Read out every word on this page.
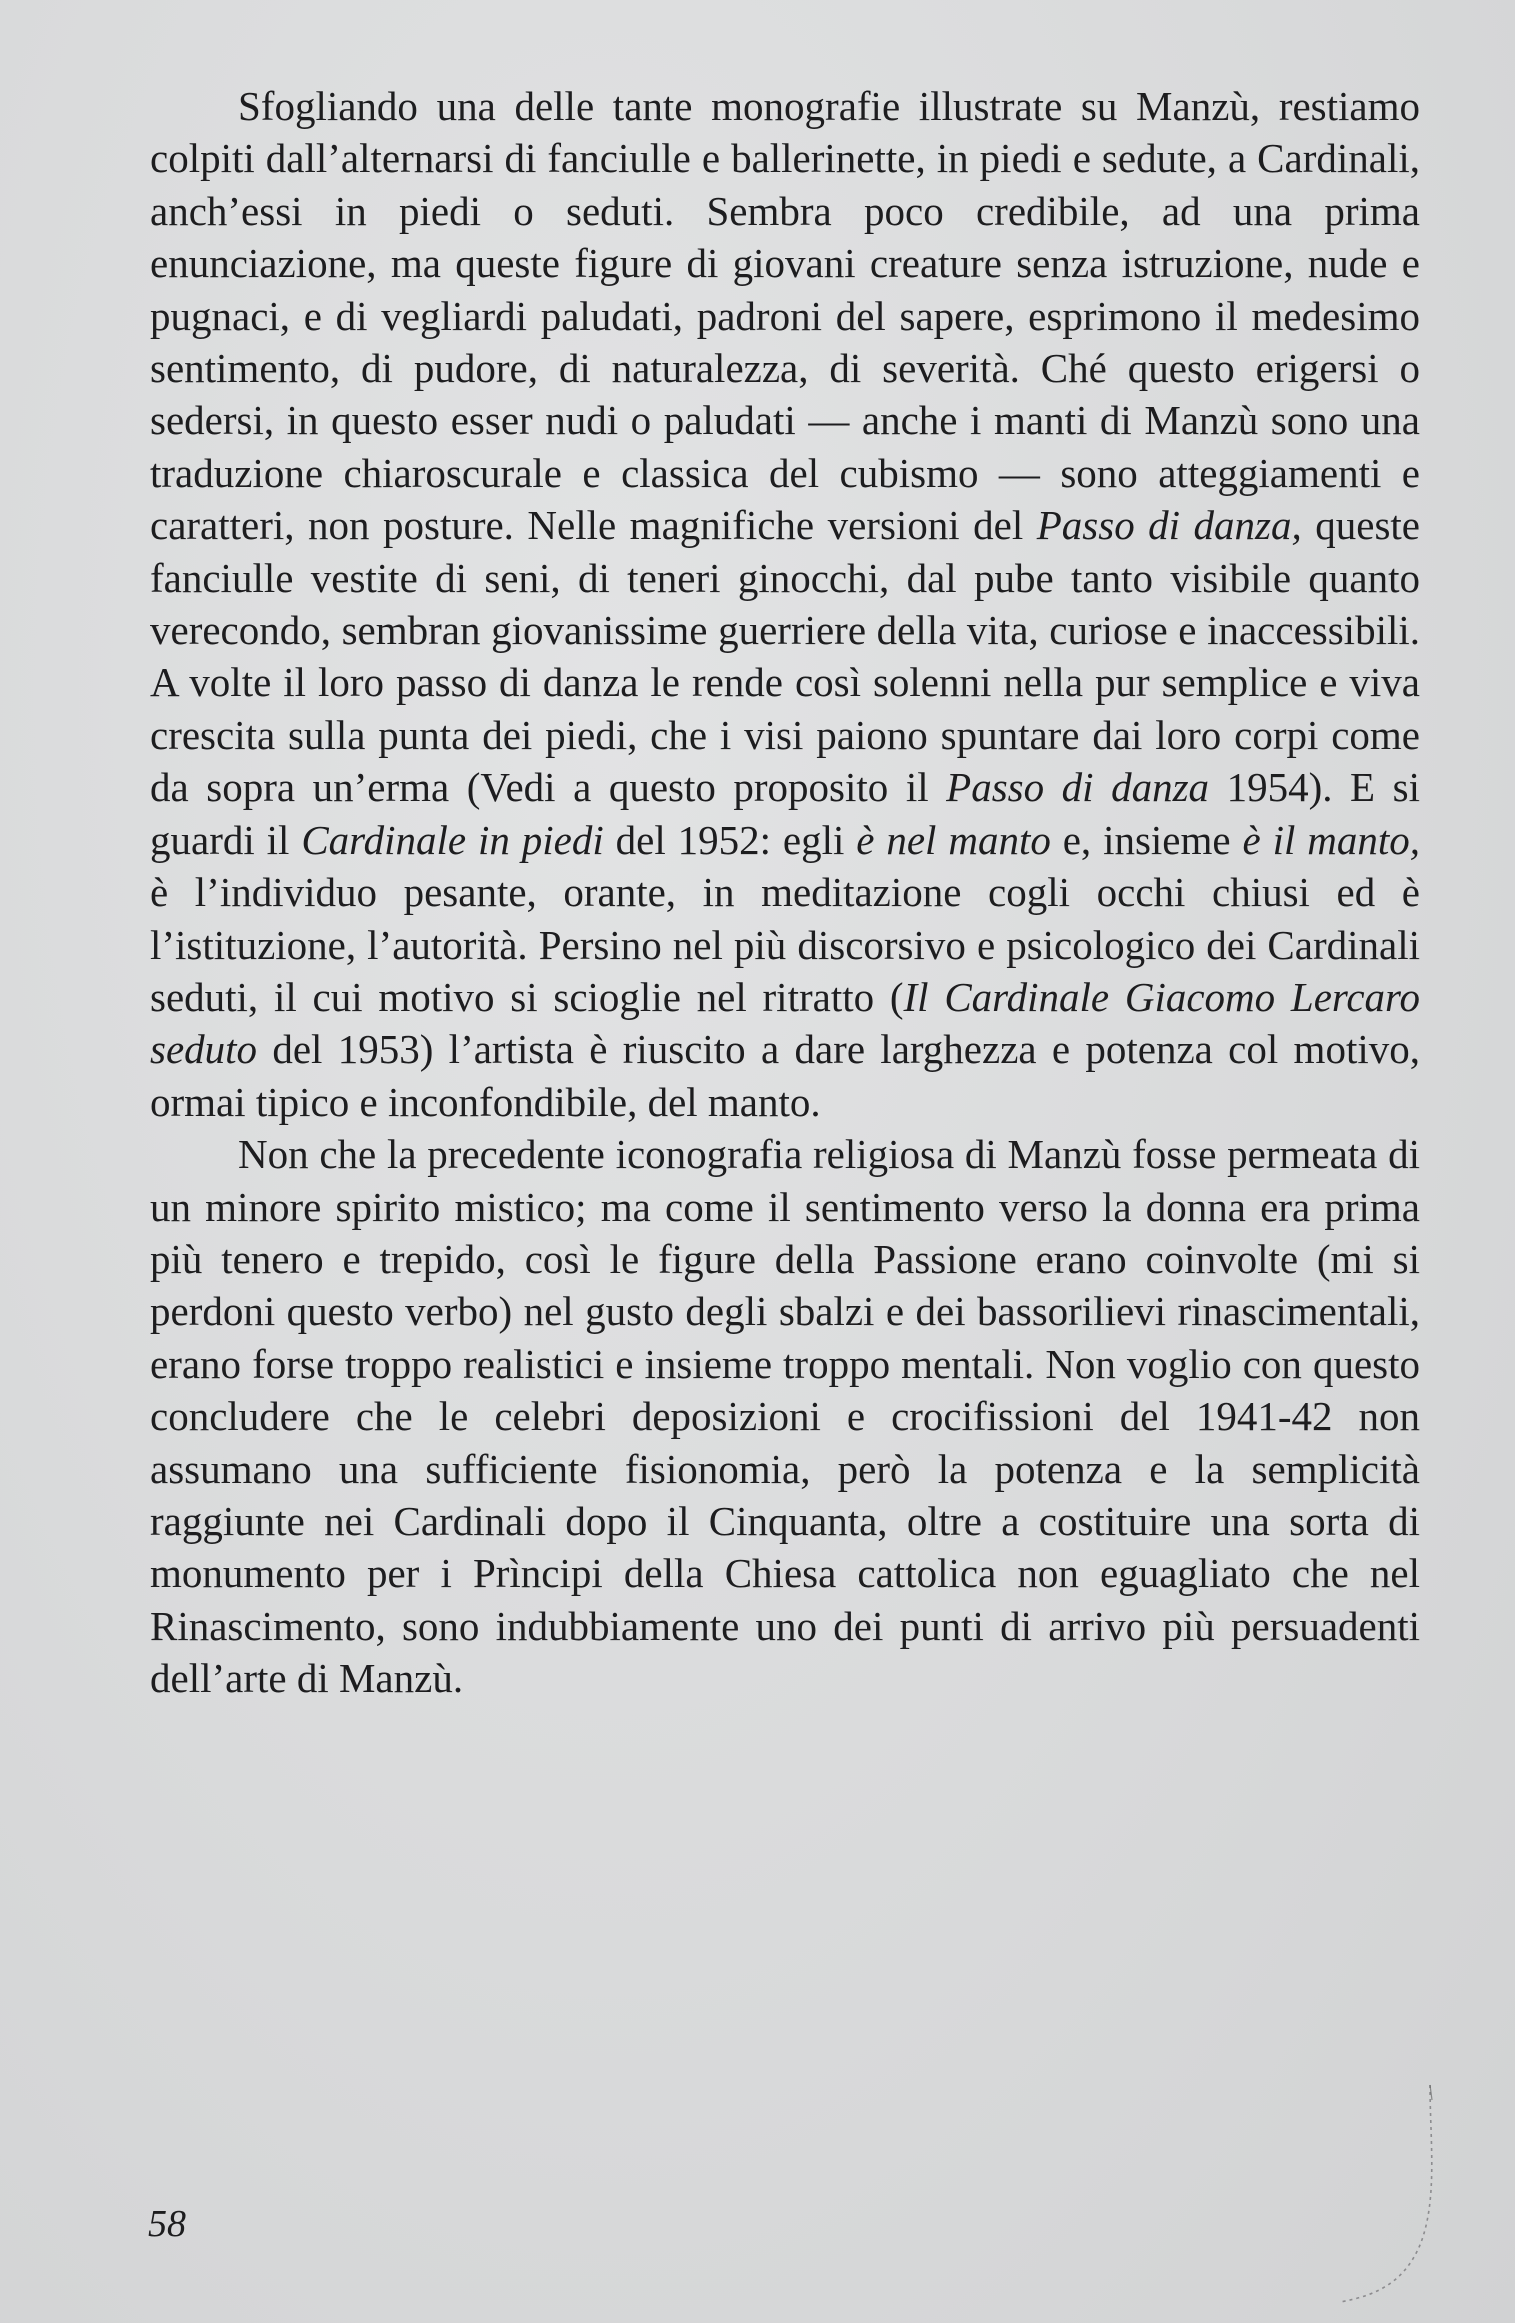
Sfogliando una delle tante monografie illustrate su Manzù, restiamo colpiti dall’alternarsi di fanciulle e ballerinette, in piedi e sedute, a Cardinali, anch’essi in piedi o seduti. Sembra poco credibile, ad una prima enunciazione, ma queste figure di giovani creature senza istruzione, nude e pugnaci, e di vegliardi paludati, padroni del sapere, esprimono il medesimo sentimento, di pudore, di naturalezza, di severità. Ché questo erigersi o sedersi, in questo esser nudi o paludati — anche i manti di Manzù sono una traduzione chiaroscurale e classica del cubismo — sono atteggiamenti e caratteri, non posture. Nelle magnifiche versioni del Passo di danza, queste fanciulle vestite di seni, di teneri ginocchi, dal pube tanto visibile quanto verecondo, sembran giovanissime guerriere della vita, curiose e inaccessibili. A volte il loro passo di danza le rende così solenni nella pur semplice e viva crescita sulla punta dei piedi, che i visi paiono spuntare dai loro corpi come da sopra un’erma (Vedi a questo proposito il Passo di danza 1954). E si guardi il Cardinale in piedi del 1952: egli è nel manto e, insieme è il manto, è l’individuo pesante, orante, in meditazione cogli occhi chiusi ed è l’istituzione, l’autorità. Persino nel più discorsivo e psicologico dei Cardinali seduti, il cui motivo si scioglie nel ritratto (Il Cardinale Giacomo Lercaro seduto del 1953) l’artista è riuscito a dare larghezza e potenza col motivo, ormai tipico e inconfondibile, del manto.

Non che la precedente iconografia religiosa di Manzù fosse permeata di un minore spirito mistico; ma come il sentimento verso la donna era prima più tenero e trepido, così le figure della Passione erano coinvolte (mi si perdoni questo verbo) nel gusto degli sbalzi e dei bassorilievi rinascimentali, erano forse troppo realistici e insieme troppo mentali. Non voglio con questo concludere che le celebri deposizioni e crocifissioni del 1941-42 non assumano una sufficiente fisionomia, però la potenza e la semplicità raggiunte nei Cardinali dopo il Cinquanta, oltre a costituire una sorta di monumento per i Prìncipi della Chiesa cattolica non eguagliato che nel Rinascimento, sono indubbiamente uno dei punti di arrivo più persuadenti dell’arte di Manzù.

58
